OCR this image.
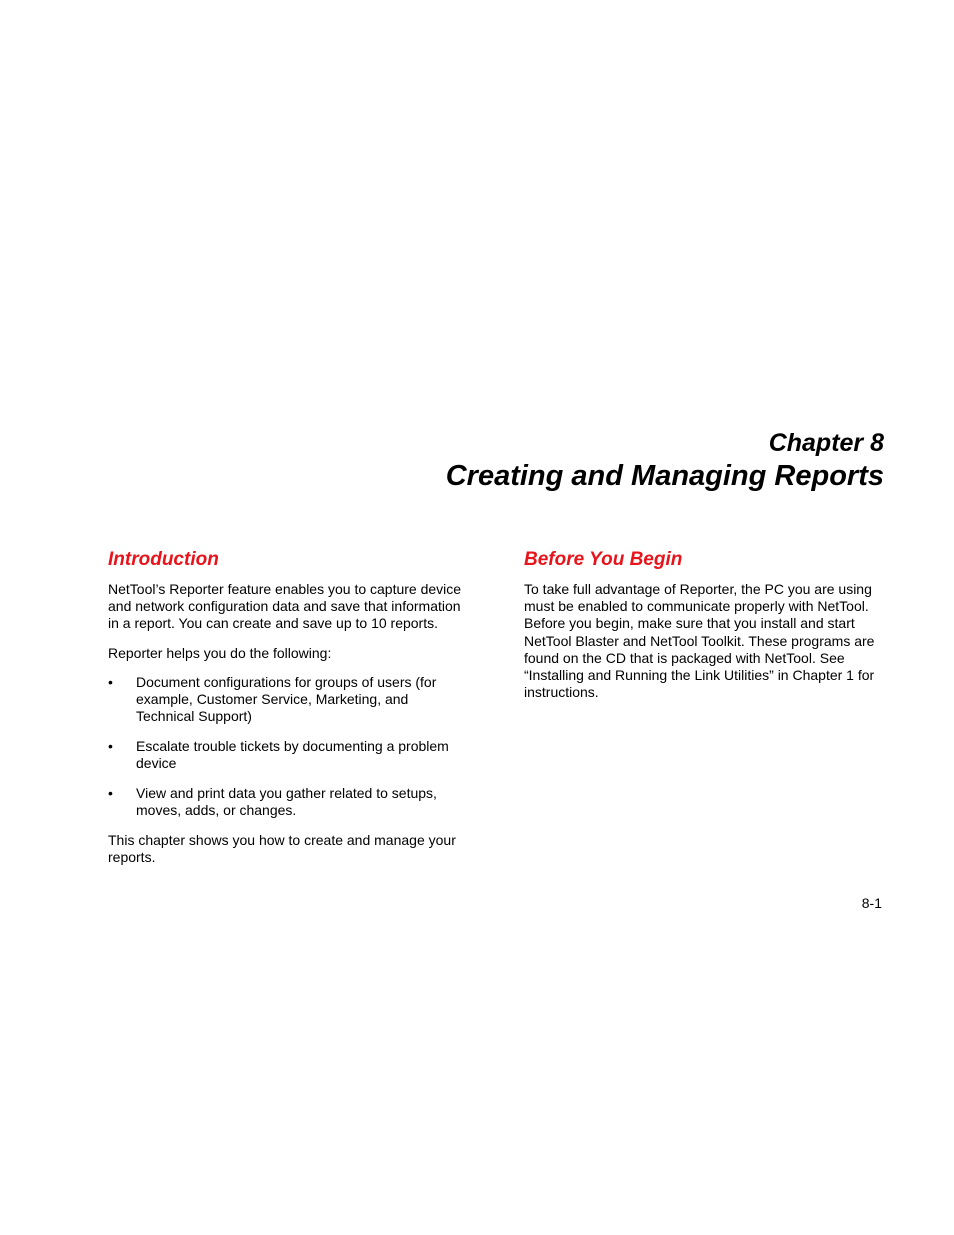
Chapter 8
Creating and Managing Reports
Introduction

NetTool’s Reporter feature enables you to capture device and network configuration data and save that information in a report. You can create and save up to 10 reports.

Reporter helps you do the following:

• Document configurations for groups of users (for example, Customer Service, Marketing, and Technical Support)
• Escalate trouble tickets by documenting a problem device
• View and print data you gather related to setups, moves, adds, or changes.

This chapter shows you how to create and manage your reports.

Before You Begin

To take full advantage of Reporter, the PC you are using must be enabled to communicate properly with NetTool. Before you begin, make sure that you install and start NetTool Blaster and NetTool Toolkit. These programs are found on the CD that is packaged with NetTool. See “Installing and Running the Link Utilities” in Chapter 1 for instructions.

8-1
